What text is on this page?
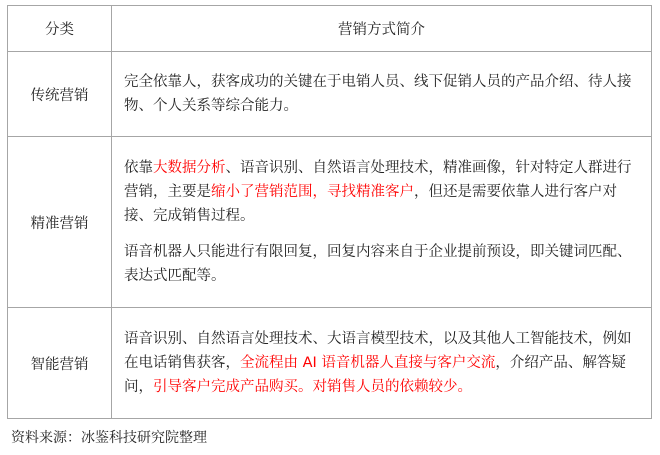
分类	营销方式简介
传统营销	完全依靠人，获客成功的关键在于电销人员、线下促销人员的产品介绍、待人接物、个人关系等综合能力。

精准营销	依靠大数据分析、语音识别、自然语言处理技术，精准画像，针对特定人群进行营销，主要是缩小了营销范围，寻找精准客户，但还是需要依靠人进行客户对接、完成销售过程。

语音机器人只能进行有限回复，回复内容来自于企业提前预设，即关键词匹配、表达式匹配等。

智能营销	语音识别、自然语言处理技术、大语言模型技术，以及其他人工智能技术，例如在电话销售获客，全流程由 AI 语音机器人直接与客户交流，介绍产品、解答疑问，引导客户完成产品购买。对销售人员的依赖较少。

资料来源：冰鉴科技研究院整理
